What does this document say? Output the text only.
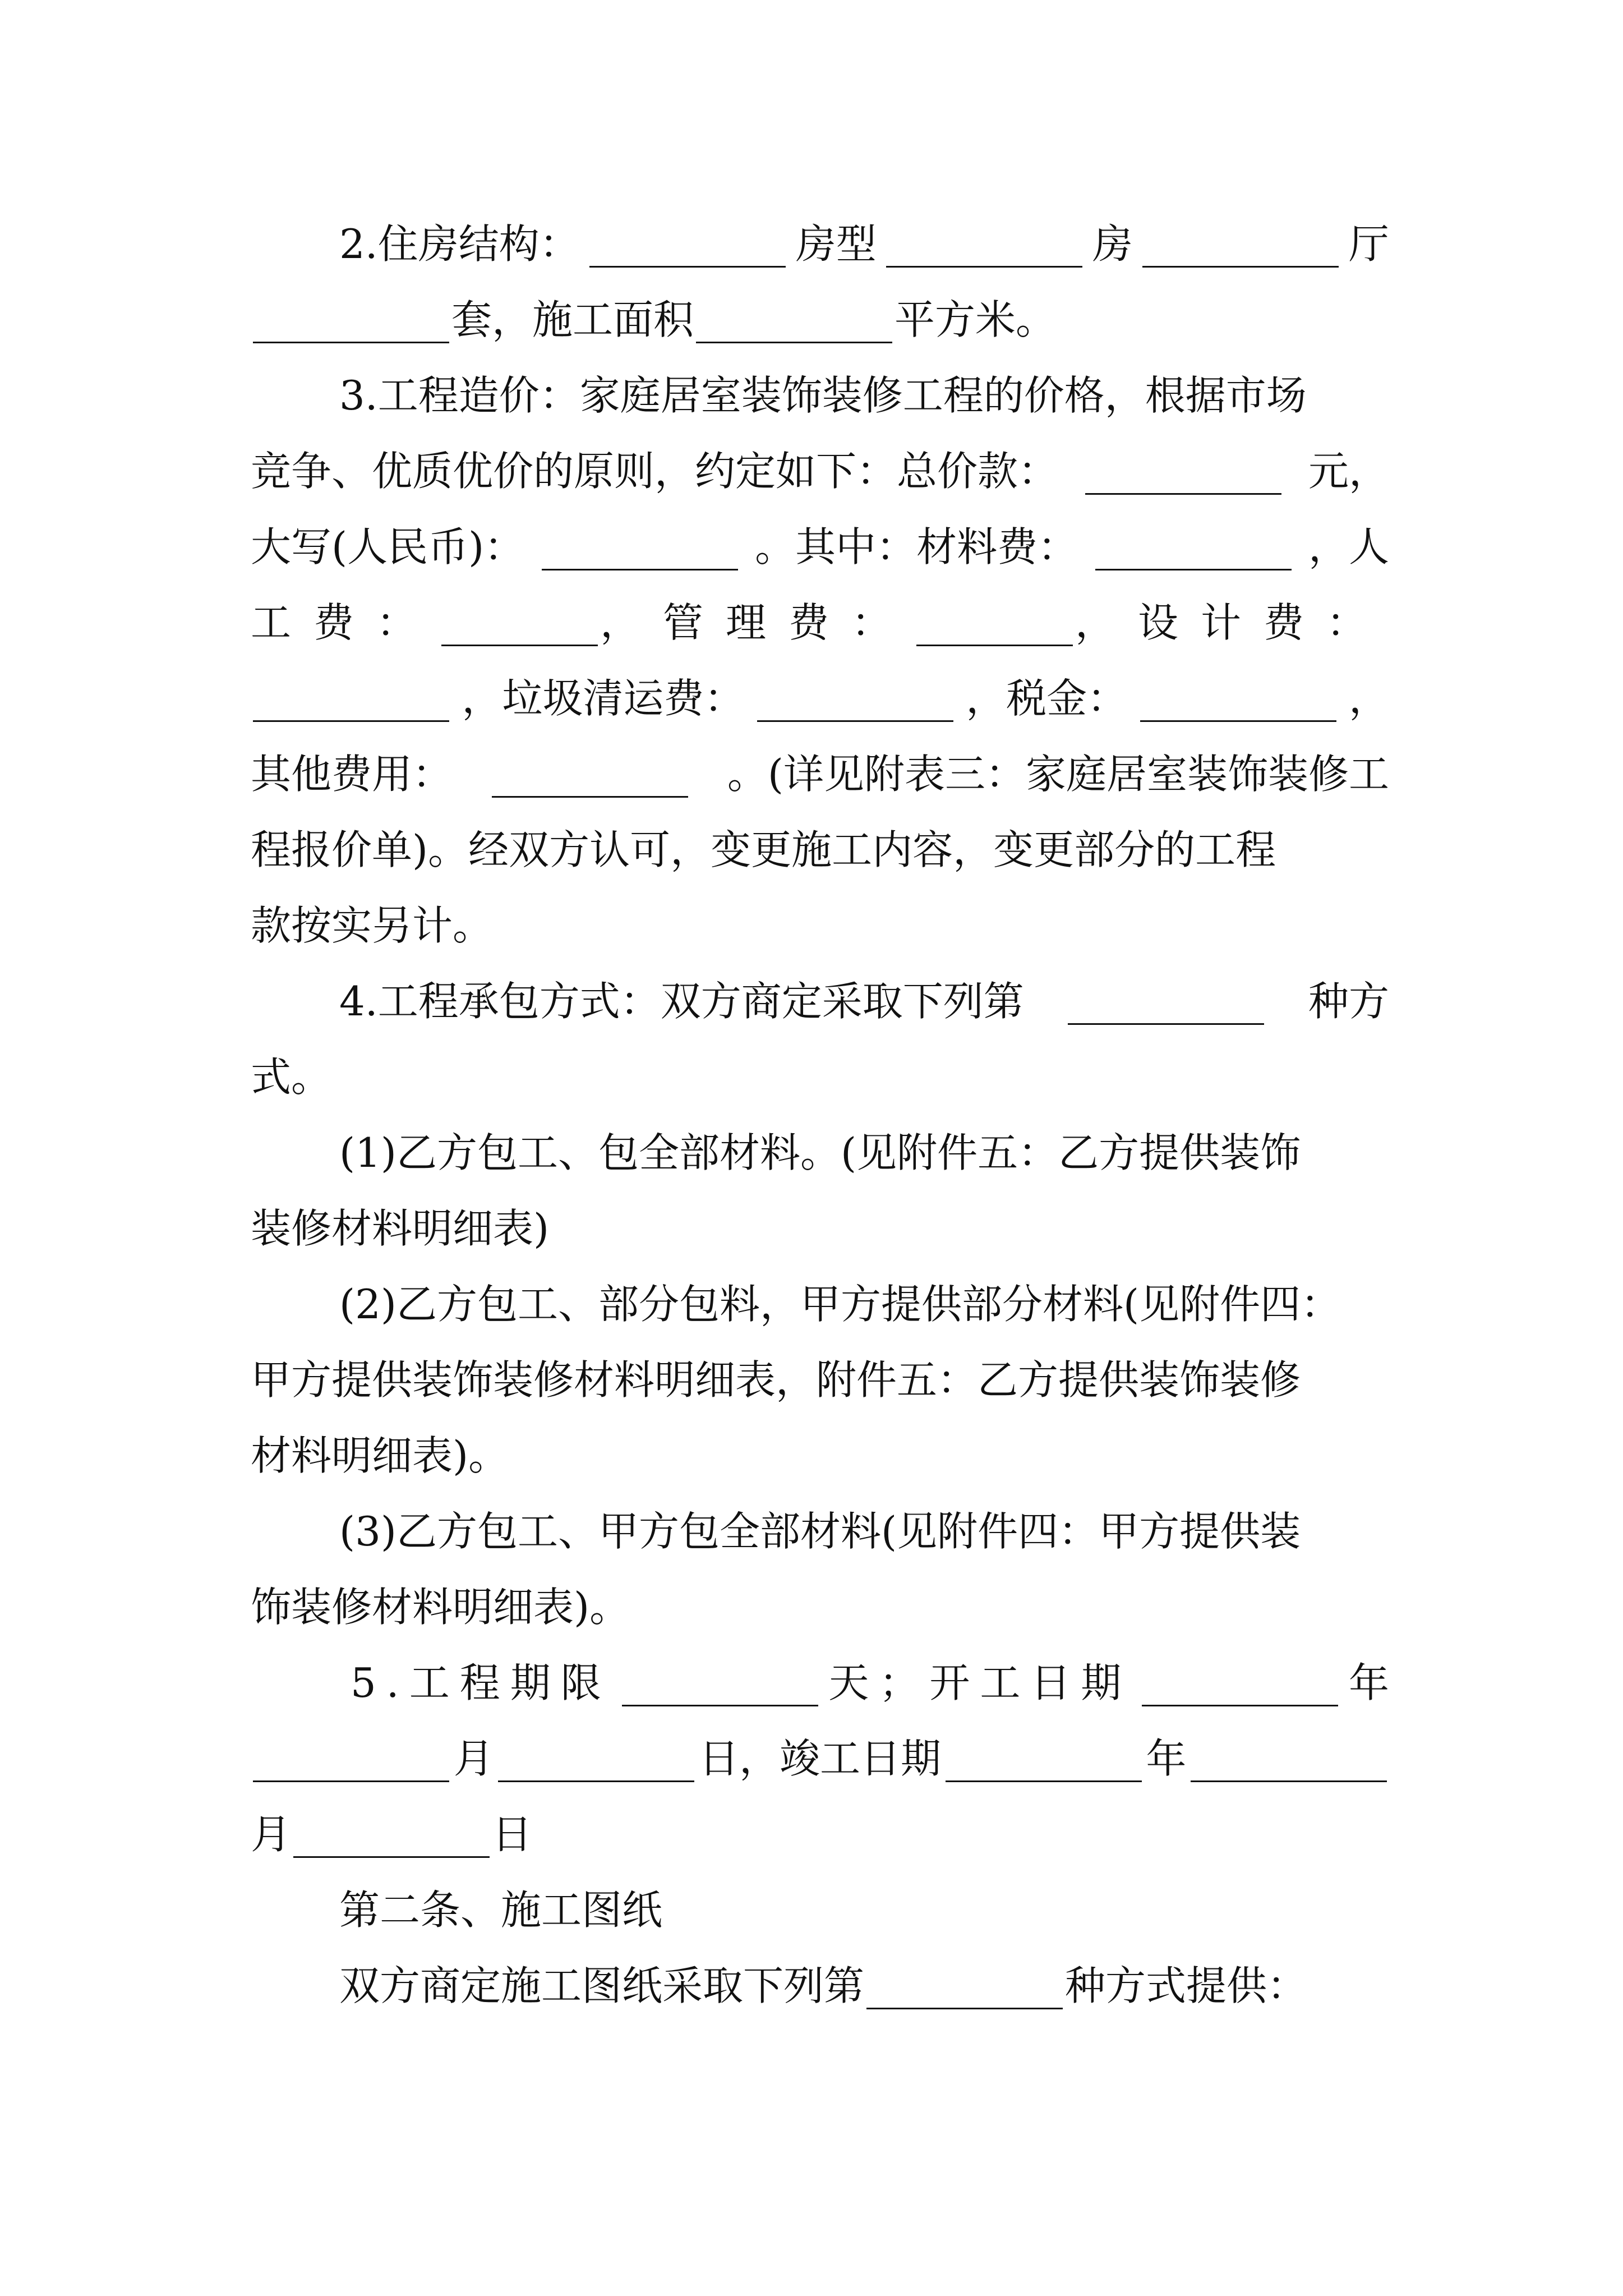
2.住房结构：	房型	房	厅
套，施工面积	平方米。
3.工程造价：家庭居室装饰装修工程的价格，根据市场
竞争、优质优价的原则，约定如下：总价款：	元，
大写(人民币)：	。其中：材料费：	，人
工费：	，管理费：	，设计费：
，垃圾清运费：	，税金：	，
其他费用：	。(详见附表三：家庭居室装饰装修工
程报价单)。经双方认可，变更施工内容，变更部分的工程
款按实另计。
4.工程承包方式：双方商定采取下列第	种方
式。
(1)乙方包工、包全部材料。(见附件五：乙方提供装饰
装修材料明细表)
(2)乙方包工、部分包料，甲方提供部分材料(见附件四：
甲方提供装饰装修材料明细表，附件五：乙方提供装饰装修
材料明细表)。
(3)乙方包工、甲方包全部材料(见附件四：甲方提供装
饰装修材料明细表)。
5.工程期限	天；开工日期	年
月	日，竣工日期	年
月	日
第二条、施工图纸
双方商定施工图纸采取下列第	种方式提供：
